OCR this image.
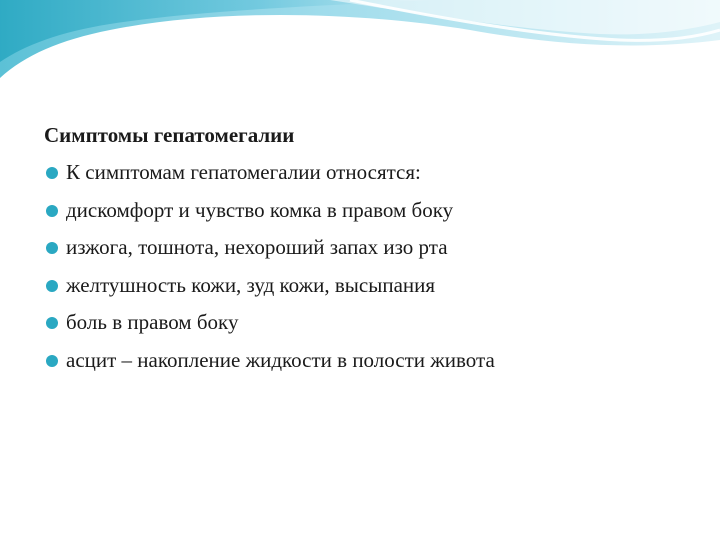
Симптомы гепатомегалии
К симптомам гепатомегалии относятся:
дискомфорт и чувство комка в правом боку
изжога, тошнота, нехороший запах изо рта
желтушность кожи, зуд кожи, высыпания
боль в правом боку
асцит – накопление жидкости в полости живота
